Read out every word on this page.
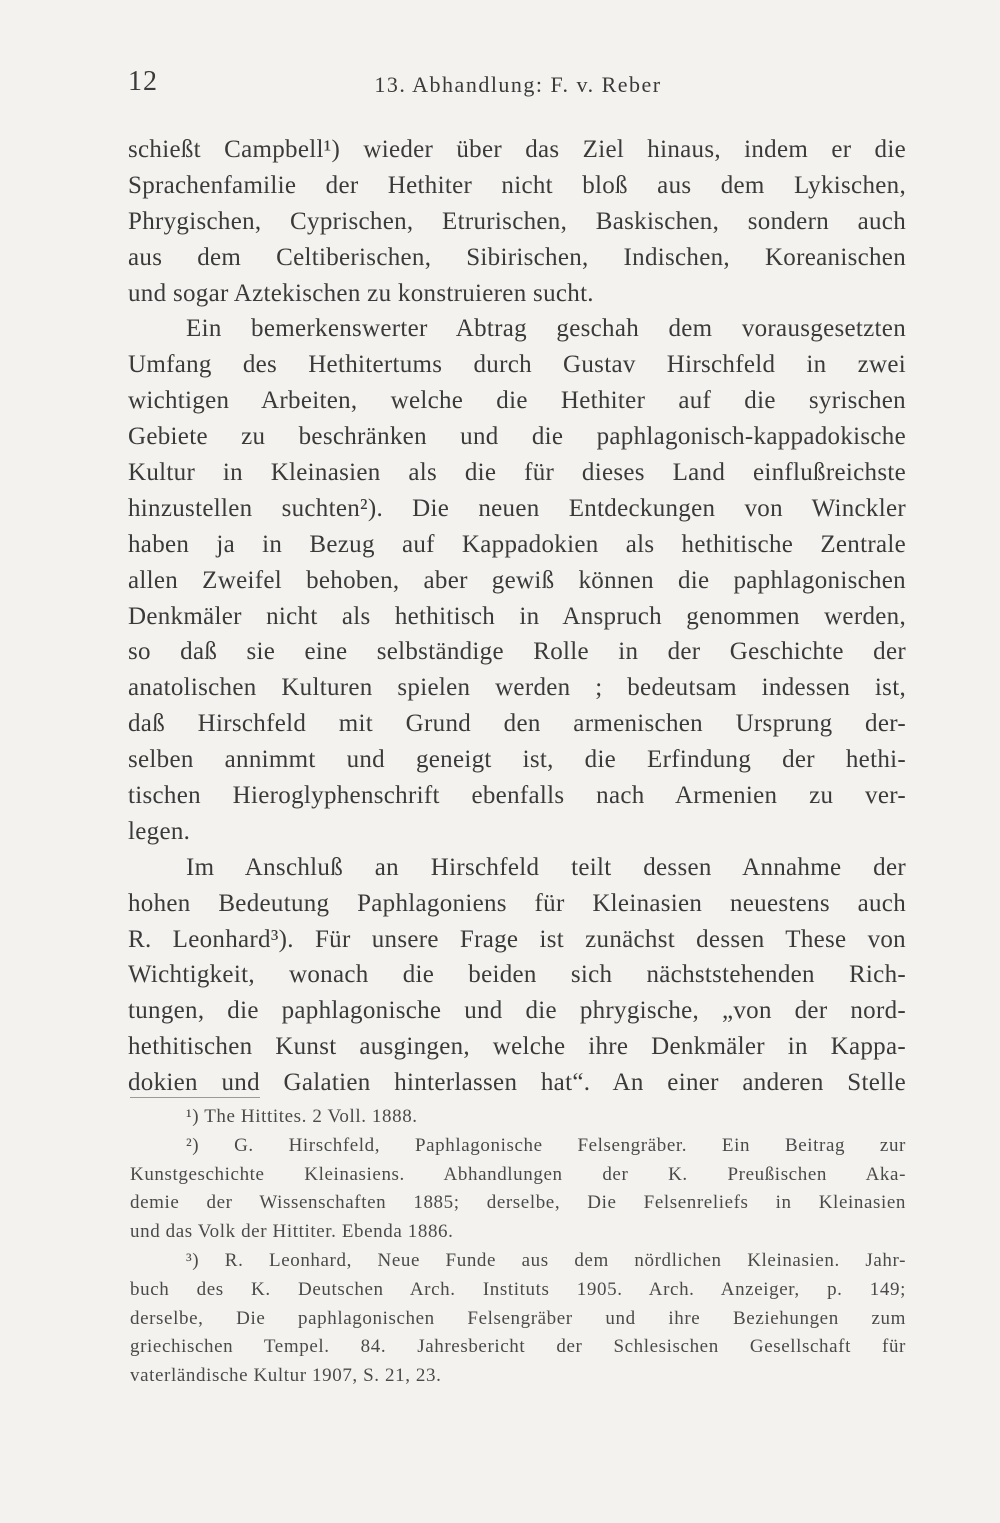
12	13. Abhandlung: F. v. Reber
schießt Campbell¹) wieder über das Ziel hinaus, indem er die
Sprachenfamilie der Hethiter nicht bloß aus dem Lykischen,
Phrygischen, Cyprischen, Etrurischen, Baskischen, sondern auch
aus dem Celtiberischen, Sibirischen, Indischen, Koreanischen
und sogar Aztekischen zu konstruieren sucht.
Ein bemerkenswerter Abtrag geschah dem vorausgesetzten
Umfang des Hethitertums durch Gustav Hirschfeld in zwei
wichtigen Arbeiten, welche die Hethiter auf die syrischen
Gebiete zu beschränken und die paphlagonisch-kappadokische
Kultur in Kleinasien als die für dieses Land einflußreichste
hinzustellen suchten²). Die neuen Entdeckungen von Winckler
haben ja in Bezug auf Kappadokien als hethitische Zentrale
allen Zweifel behoben, aber gewiß können die paphlagonischen
Denkmäler nicht als hethitisch in Anspruch genommen werden,
so daß sie eine selbständige Rolle in der Geschichte der
anatolischen Kulturen spielen werden ; bedeutsam indessen ist,
daß Hirschfeld mit Grund den armenischen Ursprung der-
selben annimmt und geneigt ist, die Erfindung der hethi-
tischen Hieroglyphenschrift ebenfalls nach Armenien zu ver-
legen.
Im Anschluß an Hirschfeld teilt dessen Annahme der
hohen Bedeutung Paphlagoniens für Kleinasien neuestens auch
R. Leonhard³). Für unsere Frage ist zunächst dessen These von
Wichtigkeit, wonach die beiden sich nächststehenden Rich-
tungen, die paphlagonische und die phrygische, „von der nord-
hethitischen Kunst ausgingen, welche ihre Denkmäler in Kappa-
dokien und Galatien hinterlassen hat“. An einer anderen Stelle
¹) The Hittites. 2 Voll. 1888.
²) G. Hirschfeld, Paphlagonische Felsengräber. Ein Beitrag zur
Kunstgeschichte Kleinasiens. Abhandlungen der K. Preußischen Aka-
demie der Wissenschaften 1885; derselbe, Die Felsenreliefs in Kleinasien
und das Volk der Hittiter. Ebenda 1886.
³) R. Leonhard, Neue Funde aus dem nördlichen Kleinasien. Jahr-
buch des K. Deutschen Arch. Instituts 1905. Arch. Anzeiger, p. 149;
derselbe, Die paphlagonischen Felsengräber und ihre Beziehungen zum
griechischen Tempel. 84. Jahresbericht der Schlesischen Gesellschaft für
vaterländische Kultur 1907, S. 21, 23.
